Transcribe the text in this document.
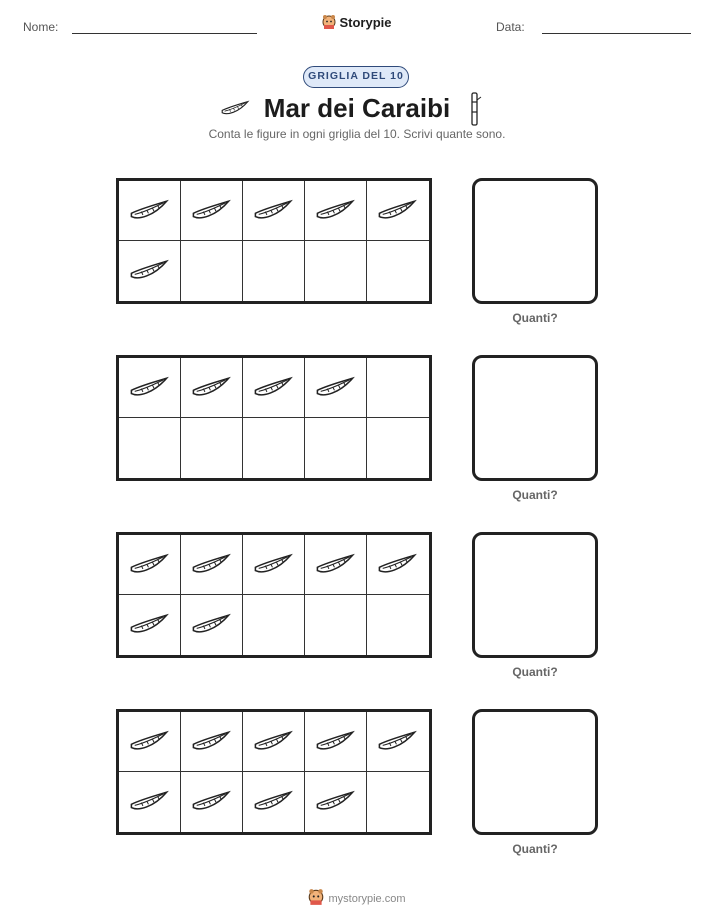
Nome:	Storypie	Data:
GRIGLIA DEL 10
Mar dei Caraibi
Conta le figure in ogni griglia del 10. Scrivi quante sono.
Quanti?
Quanti?
Quanti?
Quanti?
mystorypie.com
